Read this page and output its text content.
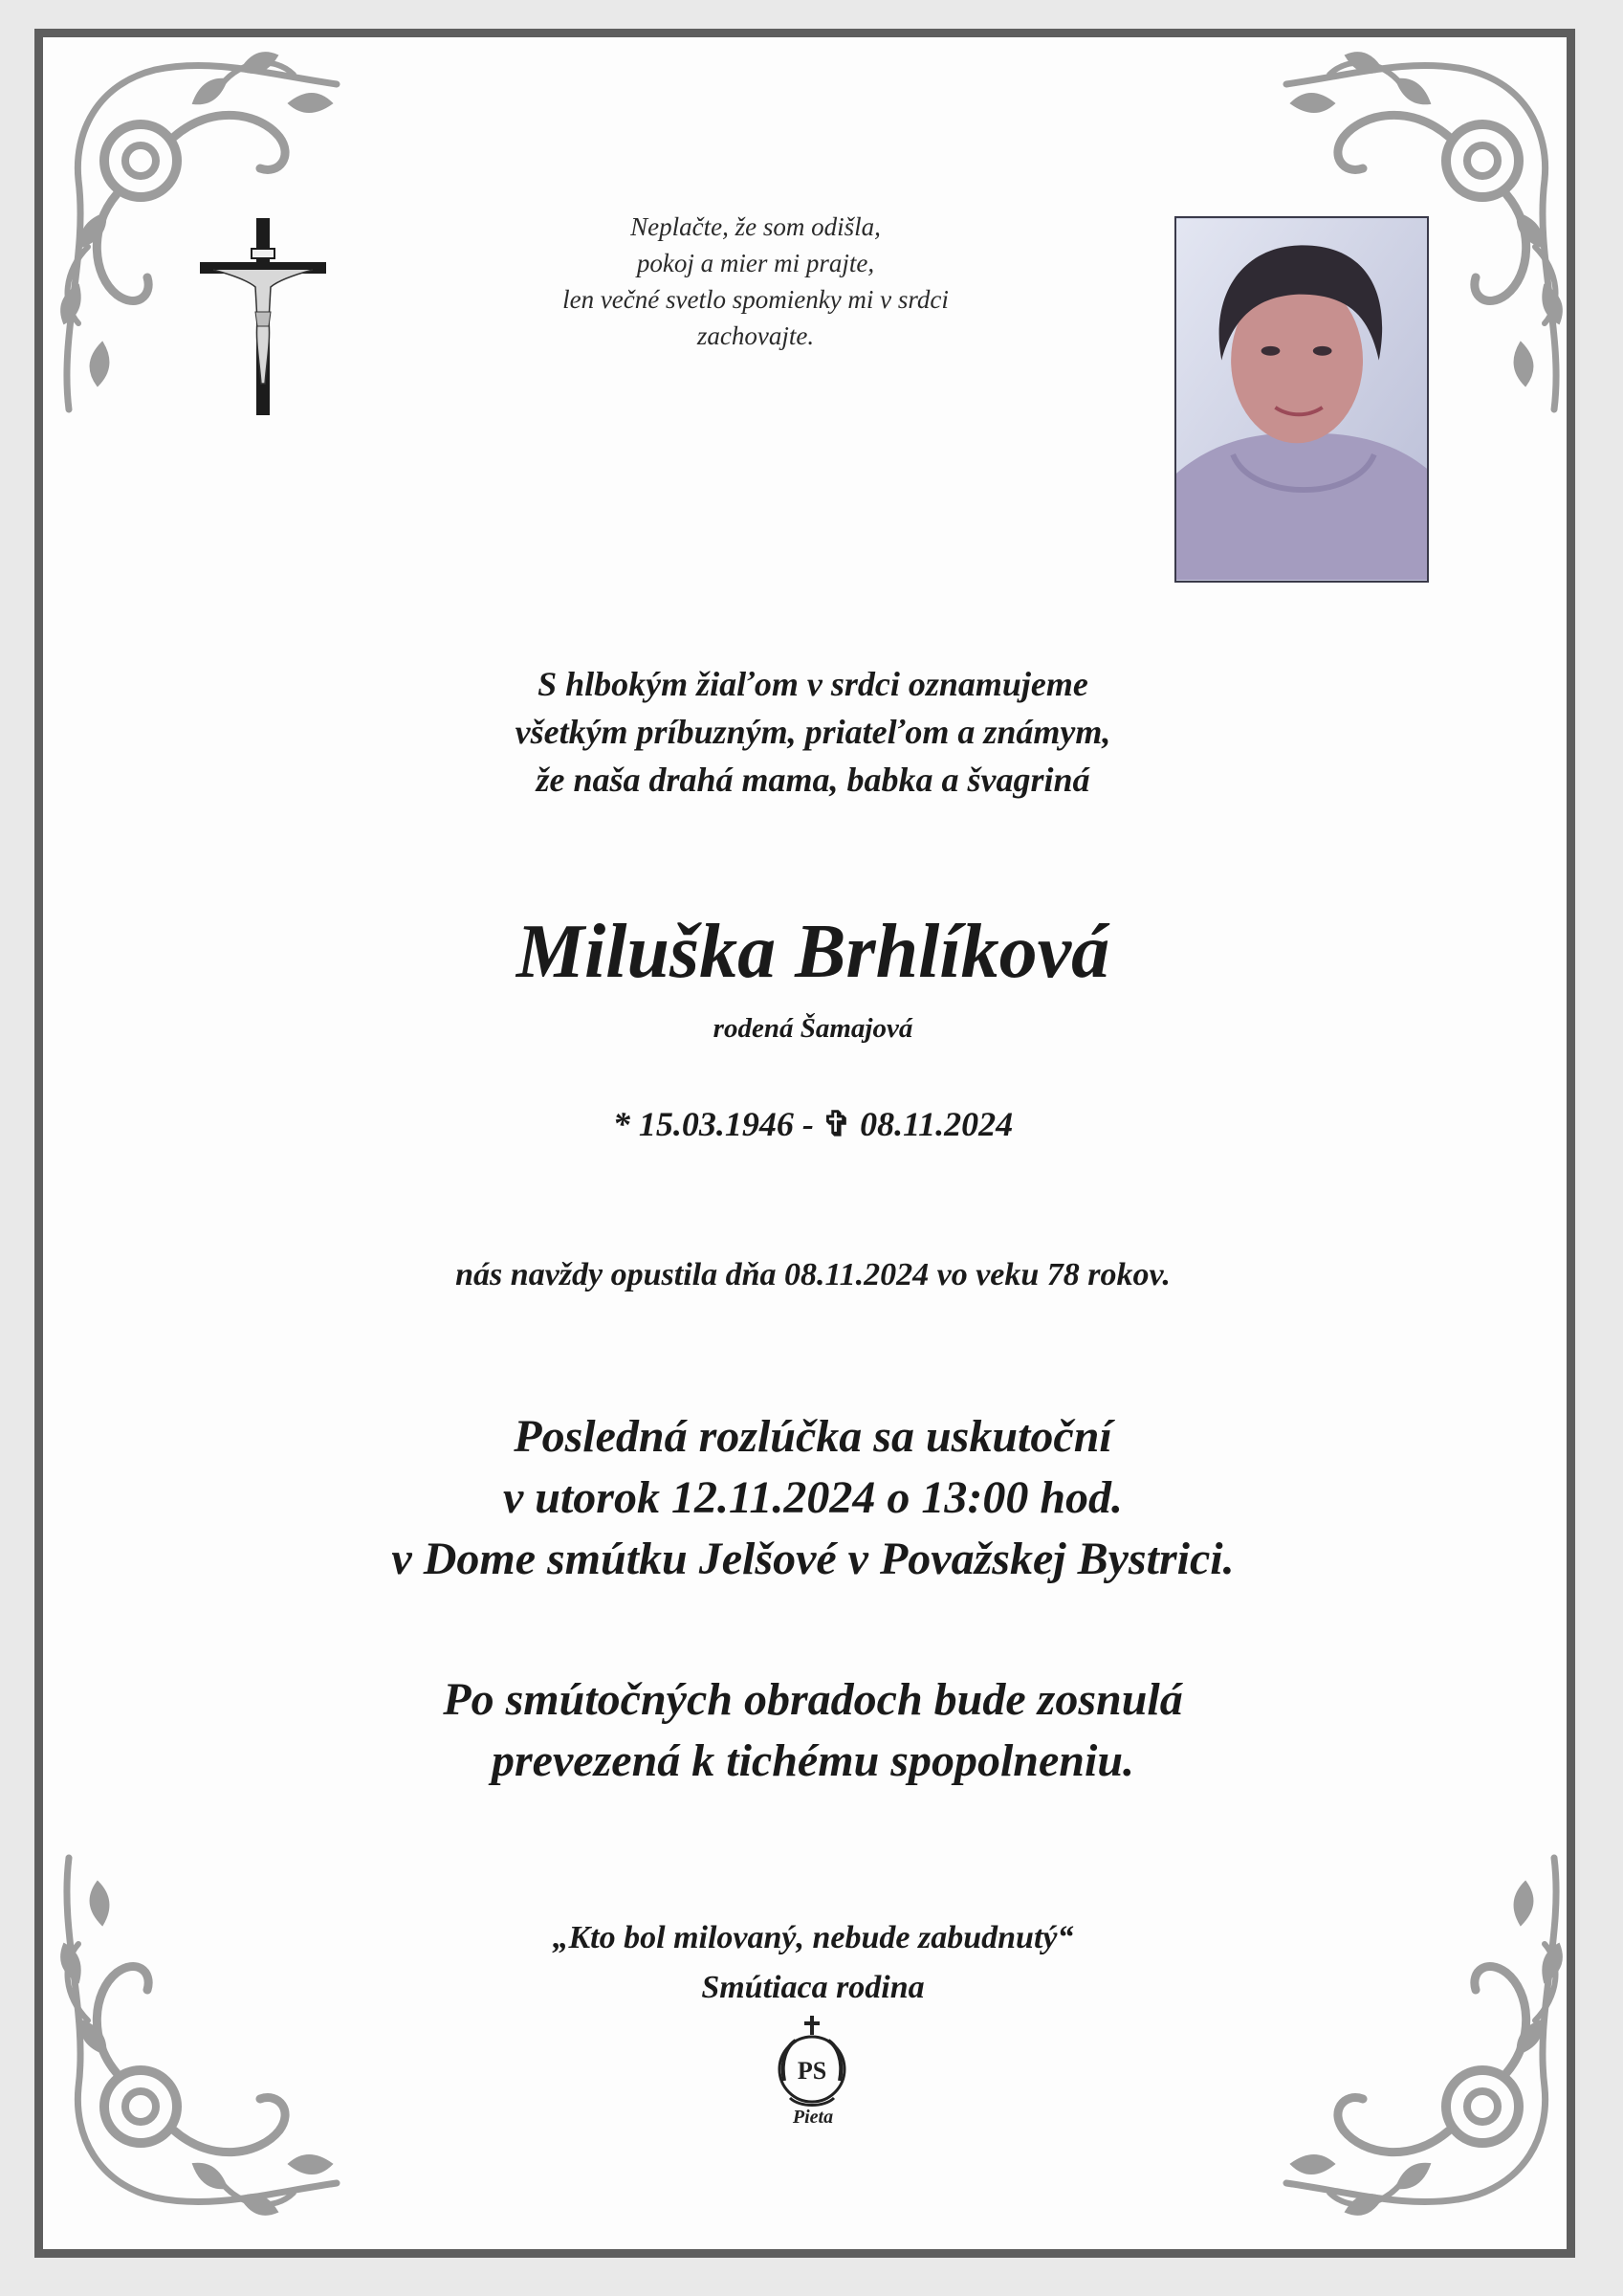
Neplačte, že som odišla,
pokoj a mier mi prajte,
len večné svetlo spomienky mi v srdci
zachovajte.
S hlbokým žiaľom v srdci oznamujeme
všetkým príbuzným, priateľom a známym,
že naša drahá mama, babka a švagriná
Miluška Brhlíková
rodená Šamajová
* 15.03.1946 - ✞ 08.11.2024
nás navždy opustila dňa 08.11.2024 vo veku 78 rokov.
Posledná rozlúčka sa uskutoční
v utorok 12.11.2024 o 13:00 hod.
v Dome smútku Jelšové v Považskej Bystrici.
Po smútočných obradoch bude zosnulá
prevezená k tichému spopolneniu.
„Kto bol milovaný, nebude zabudnutý“
Smútiaca rodina
PS
Pieta
